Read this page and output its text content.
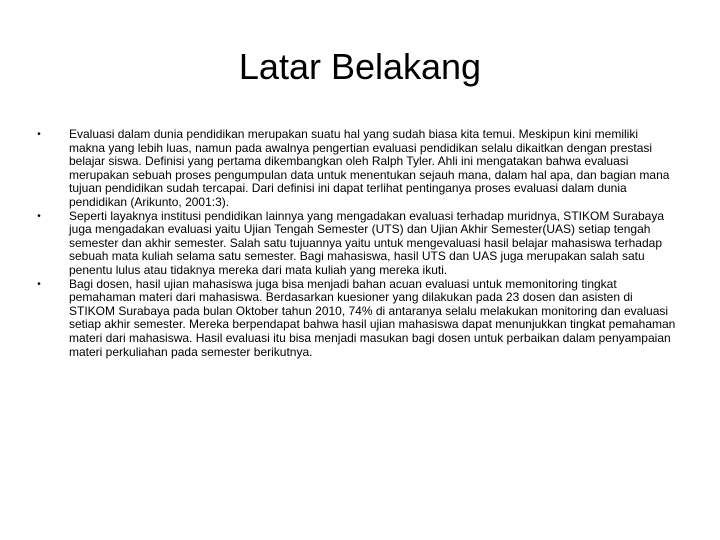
Latar Belakang
• Evaluasi dalam dunia pendidikan merupakan suatu hal yang sudah biasa kita temui. Meskipun kini memiliki makna yang lebih luas, namun pada awalnya pengertian evaluasi pendidikan selalu dikaitkan dengan prestasi belajar siswa. Definisi yang pertama dikembangkan oleh Ralph Tyler. Ahli ini mengatakan bahwa evaluasi merupakan sebuah proses pengumpulan data untuk menentukan sejauh mana, dalam hal apa, dan bagian mana tujuan pendidikan sudah tercapai. Dari definisi ini dapat terlihat pentinganya proses evaluasi dalam dunia pendidikan (Arikunto, 2001:3).
• Seperti layaknya institusi pendidikan lainnya yang mengadakan evaluasi terhadap muridnya, STIKOM Surabaya juga mengadakan evaluasi yaitu Ujian Tengah Semester (UTS) dan Ujian Akhir Semester(UAS) setiap tengah semester dan akhir semester. Salah satu tujuannya yaitu untuk mengevaluasi hasil belajar mahasiswa terhadap sebuah mata kuliah selama satu semester. Bagi mahasiswa, hasil UTS dan UAS juga merupakan salah satu penentu lulus atau tidaknya mereka dari mata kuliah yang mereka ikuti.
• Bagi dosen, hasil ujian mahasiswa juga bisa menjadi bahan acuan evaluasi untuk memonitoring tingkat pemahaman materi dari mahasiswa. Berdasarkan kuesioner yang dilakukan pada 23 dosen dan asisten di STIKOM Surabaya pada bulan Oktober tahun 2010, 74% di antaranya selalu melakukan monitoring dan evaluasi setiap akhir semester. Mereka berpendapat bahwa hasil ujian mahasiswa dapat menunjukkan tingkat pemahaman materi dari mahasiswa. Hasil evaluasi itu bisa menjadi masukan bagi dosen untuk perbaikan dalam penyampaian materi perkuliahan pada semester berikutnya.
